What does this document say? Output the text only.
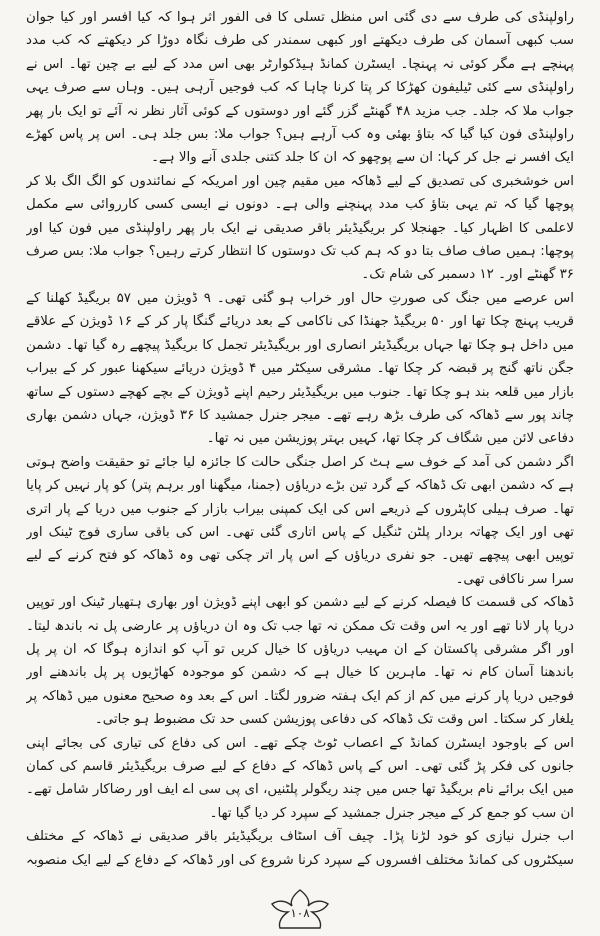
راولپنڈی کی طرف سے دی گئی اس منظل تسلی کا فی الفور اثر ہوا کہ کیا افسر اور کیا جوان سب کبھی آسمان کی طرف دیکھتے اور کبھی سمندر کی طرف نگاہ دوڑا کر دیکھتے کہ کب مدد پہنچے ہے مگر کوئی نہ پہنچا۔ ایسٹرن کمانڈ ہیڈکوارٹر بھی اس مدد کے لیے بے چین تھا۔ اس نے راولپنڈی سے کئی ٹیلیفون کھڑکا کر پتا کرنا چاہا کہ کب فوجیں آرہی ہیں۔ وہاں سے صرف یہی جواب ملا کہ جلد۔ جب مزید ۴۸ گھنٹے گزر گئے اور دوستوں کے کوئی آثار نظر نہ آئے تو ایک بار پھر راولپنڈی فون کیا گیا کہ بتاؤ بھئی وہ کب آرہے ہیں؟ جواب ملا: بس جلد ہی۔ اس پر پاس کھڑے ایک افسر نے جل کر کہا: ان سے پوچھو کہ ان کا جلد کتنی جلدی آنے والا ہے۔

اس خوشخبری کی تصدیق کے لیے ڈھاکہ میں مقیم چین اور امریکہ کے نمائندوں کو الگ الگ بلا کر پوچھا گیا کہ تم یہی بتاؤ کب مدد پہنچنے والی ہے۔ دونوں نے ایسی کسی کارروائی سے مکمل لاعلمی کا اظہار کیا۔ جھنجلا کر بریگیڈیئر باقر صدیقی نے ایک بار پھر راولپنڈی میں فون کیا اور پوچھا: ہمیں صاف صاف بتا دو کہ ہم کب تک دوستوں کا انتظار کرتے رہیں؟ جواب ملا: بس صرف ۳۶ گھنٹے اور۔ ۱۲ دسمبر کی شام تک۔

اس عرصے میں جنگ کی صورتِ حال اور خراب ہو گئی تھی۔ ۹ ڈویژن میں ۵۷ بریگیڈ کھلنا کے قریب پہنچ چکا تھا اور ۵۰ بریگیڈ جھنڈا کی ناکامی کے بعد دریائے گنگا پار کر کے ۱۶ ڈویژن کے علاقے میں داخل ہو چکا تھا جہاں بریگیڈیئر انصاری اور بریگیڈیئر تجمل کا بریگیڈ پیچھے رہ گیا تھا۔ دشمن جگن ناتھ گنج پر قبضہ کر چکا تھا۔ مشرقی سیکٹر میں ۴ ڈویژن دریائے سیکھنا عبور کر کے بیراب بازار میں قلعہ بند ہو چکا تھا۔ جنوب میں بریگیڈیئر رحیم اپنے ڈویژن کے بچے کھچے دستوں کے ساتھ چاند پور سے ڈھاکہ کی طرف بڑھ رہے تھے۔ میجر جنرل جمشید کا ۳۶ ڈویژن، جہاں دشمن بھاری دفاعی لائن میں شگاف کر چکا تھا، کہیں بہتر پوزیشن میں نہ تھا۔

اگر دشمن کی آمد کے خوف سے ہٹ کر اصل جنگی حالت کا جائزہ لیا جائے تو حقیقت واضح ہوتی ہے کہ دشمن ابھی تک ڈھاکہ کے گرد تین بڑے دریاؤں (جمنا، میگھنا اور برہم پتر) کو پار نہیں کر پایا تھا۔ صرف ہیلی کاپٹروں کے ذریعے اس کی ایک کمپنی بیراب بازار کے جنوب میں دریا کے پار اتری تھی اور ایک چھاتہ بردار پلٹن ٹنگیل کے پاس اتاری گئی تھی۔ اس کی باقی ساری فوج ٹینک اور توپیں ابھی پیچھے تھیں۔ جو نفری دریاؤں کے اس پار اتر چکی تھی وہ ڈھاکہ کو فتح کرنے کے لیے سرا سر ناکافی تھی۔

ڈھاکہ کی قسمت کا فیصلہ کرنے کے لیے دشمن کو ابھی اپنے ڈویژن اور بھاری ہتھیار ٹینک اور توپیں دریا پار لانا تھے اور یہ اس وقت تک ممکن نہ تھا جب تک وہ ان دریاؤں پر عارضی پل نہ باندھ لیتا۔ اور اگر مشرقی پاکستان کے ان مہیب دریاؤں کا خیال کریں تو آپ کو اندازہ ہوگا کہ ان پر پل باندھنا آسان کام نہ تھا۔ ماہرین کا خیال ہے کہ دشمن کو موجودہ کھاڑیوں پر پل باندھنے اور فوجیں دریا پار کرنے میں کم از کم ایک ہفتہ ضرور لگتا۔ اس کے بعد وہ صحیح معنوں میں ڈھاکہ پر یلغار کر سکتا۔ اس وقت تک ڈھاکہ کی دفاعی پوزیشن کسی حد تک مضبوط ہو جاتی۔

اس کے باوجود ایسٹرن کمانڈ کے اعصاب ٹوٹ چکے تھے۔ اس کی دفاع کی تیاری کی بجائے اپنی جانوں کی فکر پڑ گئی تھی۔ اس کے پاس ڈھاکہ کے دفاع کے لیے صرف بریگیڈیئر قاسم کی کمان میں ایک برائے نام بریگیڈ تھا جس میں چند ریگولر پلٹنیں، ای پی سی اے ایف اور رضاکار شامل تھے۔ ان سب کو جمع کر کے میجر جنرل جمشید کے سپرد کر دیا گیا تھا۔

اب جنرل نیازی کو خود لڑنا پڑا۔ چیف آف اسٹاف بریگیڈیئر باقر صدیقی نے ڈھاکہ کے مختلف سیکٹروں کی کمانڈ مختلف افسروں کے سپرد کرنا شروع کی اور ڈھاکہ کے دفاع کے لیے ایک منصوبہ

۱۰۸
